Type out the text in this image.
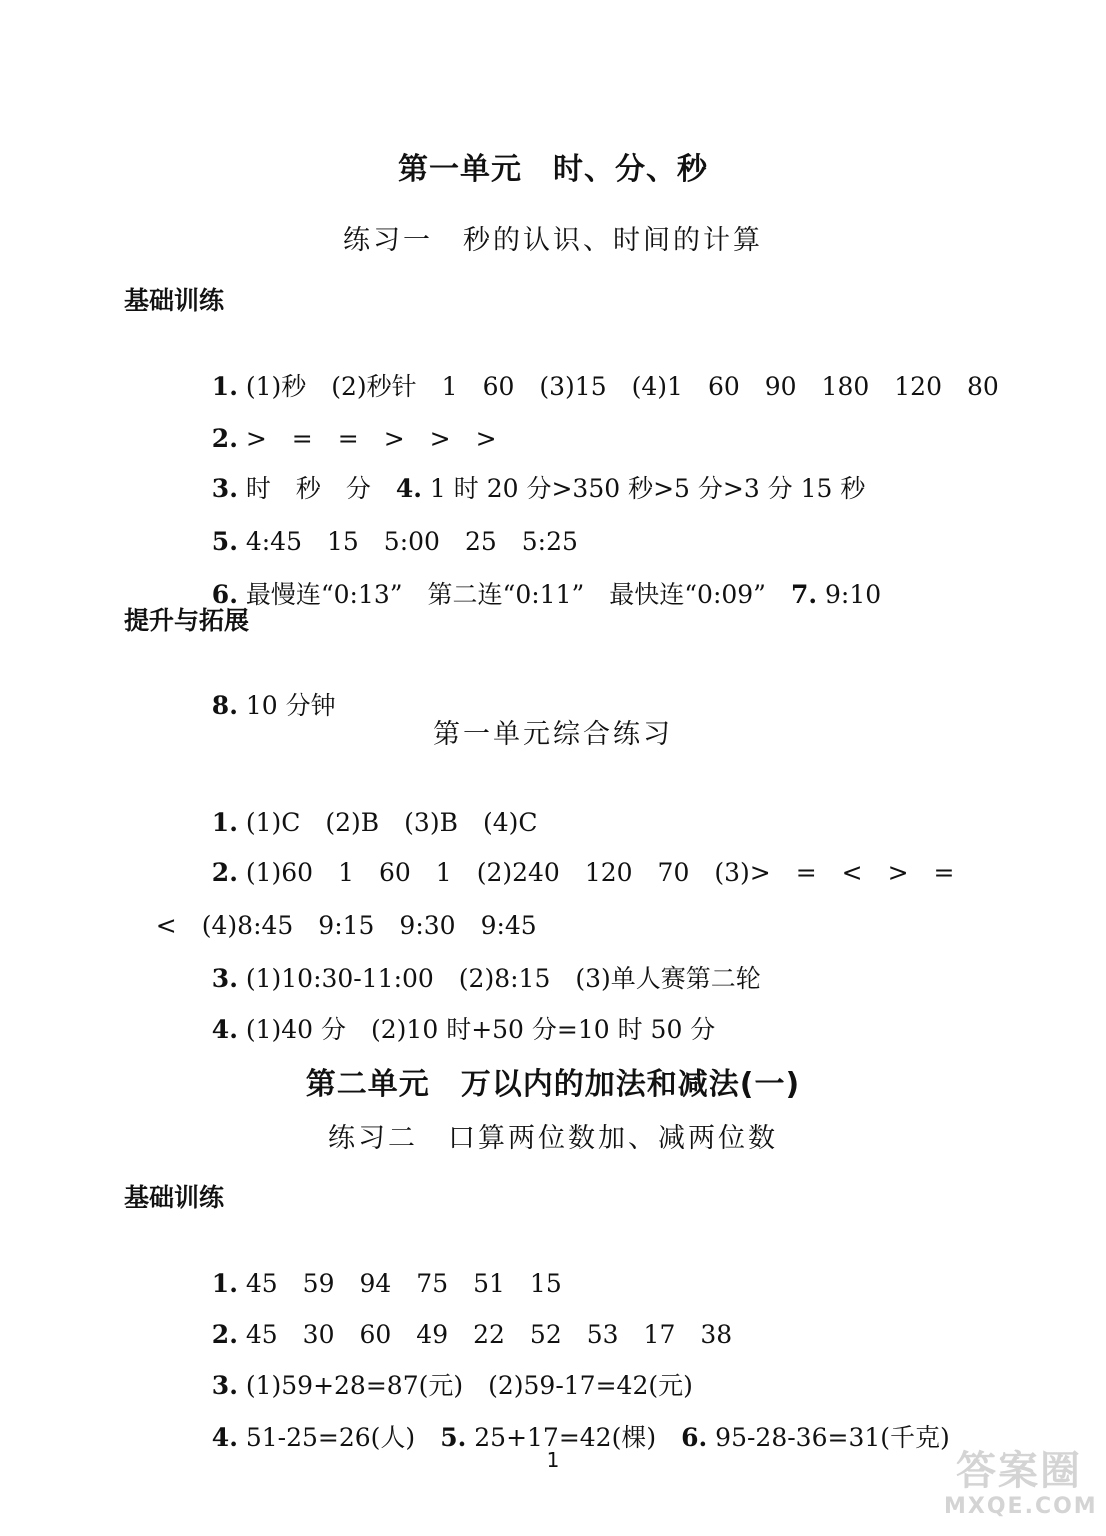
第一单元　时、分、秒
练习一　秒的认识、时间的计算
基础训练

1. (1)秒　(2)秒针　1　60　(3)15　(4)1　60　90　180　120　80

2. >　=　=　>　>　>

3. 时　秒　分　4. 1 时 20 分>350 秒>5 分>3 分 15 秒

5. 4:45　15　5:00　25　5:25

6. 最慢连“0:13”　第二连“0:11”　最快连“0:09”　7. 9:10

提升与拓展

8. 10 分钟

第一单元综合练习

1. (1)C　(2)B　(3)B　(4)C

2. (1)60　1　60　1　(2)240　120　70　(3)>　=　<　>　=

<　(4)8:45　9:15　9:30　9:45

3. (1)10:30-11:00　(2)8:15　(3)单人赛第二轮

4. (1)40 分　(2)10 时+50 分=10 时 50 分

第二单元　万以内的加法和减法(一)
练习二　口算两位数加、减两位数
基础训练

1. 45　59　94　75　51　15

2. 45　30　60　49　22　52　53　17　38

3. (1)59+28=87(元)　(2)59-17=42(元)

4. 51-25=26(人)　5. 25+17=42(棵)　6. 95-28-36=31(千克)

1	答案圈
MXQE.COM
